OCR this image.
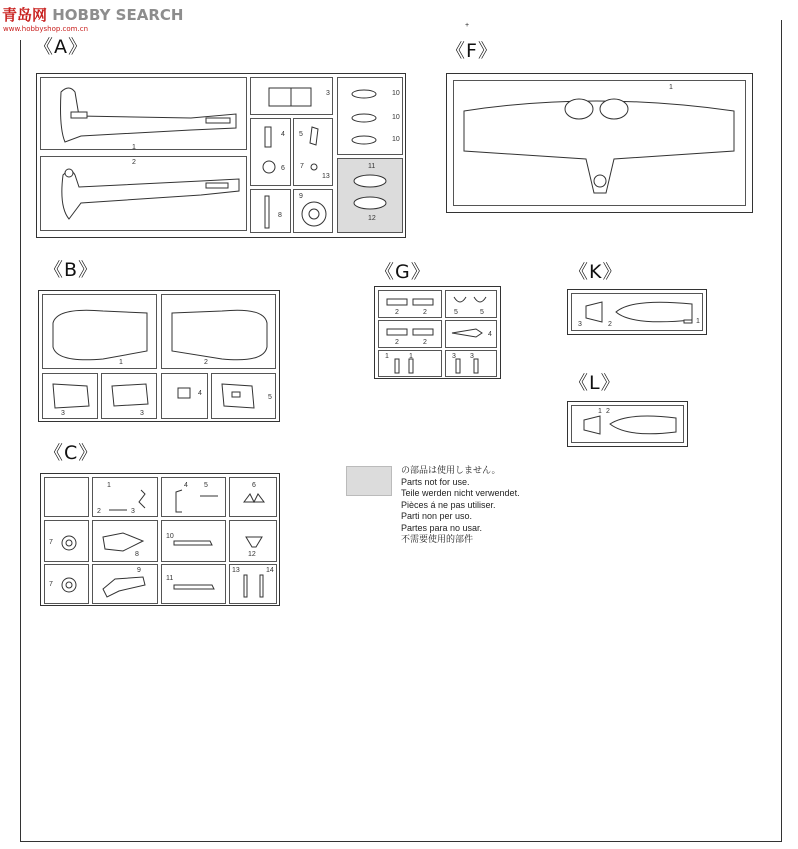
青岛网 HOBBY SEARCH
www.hobbyshop.com.cn	+
《A》
1
2
3
4
6
5
7
13
8
9
10
10
10
11
12
《F》
1
《B》
1	2
3	3
4
5
《G》
2	2	5	5
2	2
4
1	1	3 3
《K》
3	2	1
《L》
1 2
《C》
1
2	3
4 5	6
7
8
10
12
7
9
11
13	14
の部品は使用しません。
Parts not for use.
Teile werden nicht verwendet.
Pièces á ne pas utiliser.
Parti non per uso.
Partes para no usar.
不需要使用的部件
